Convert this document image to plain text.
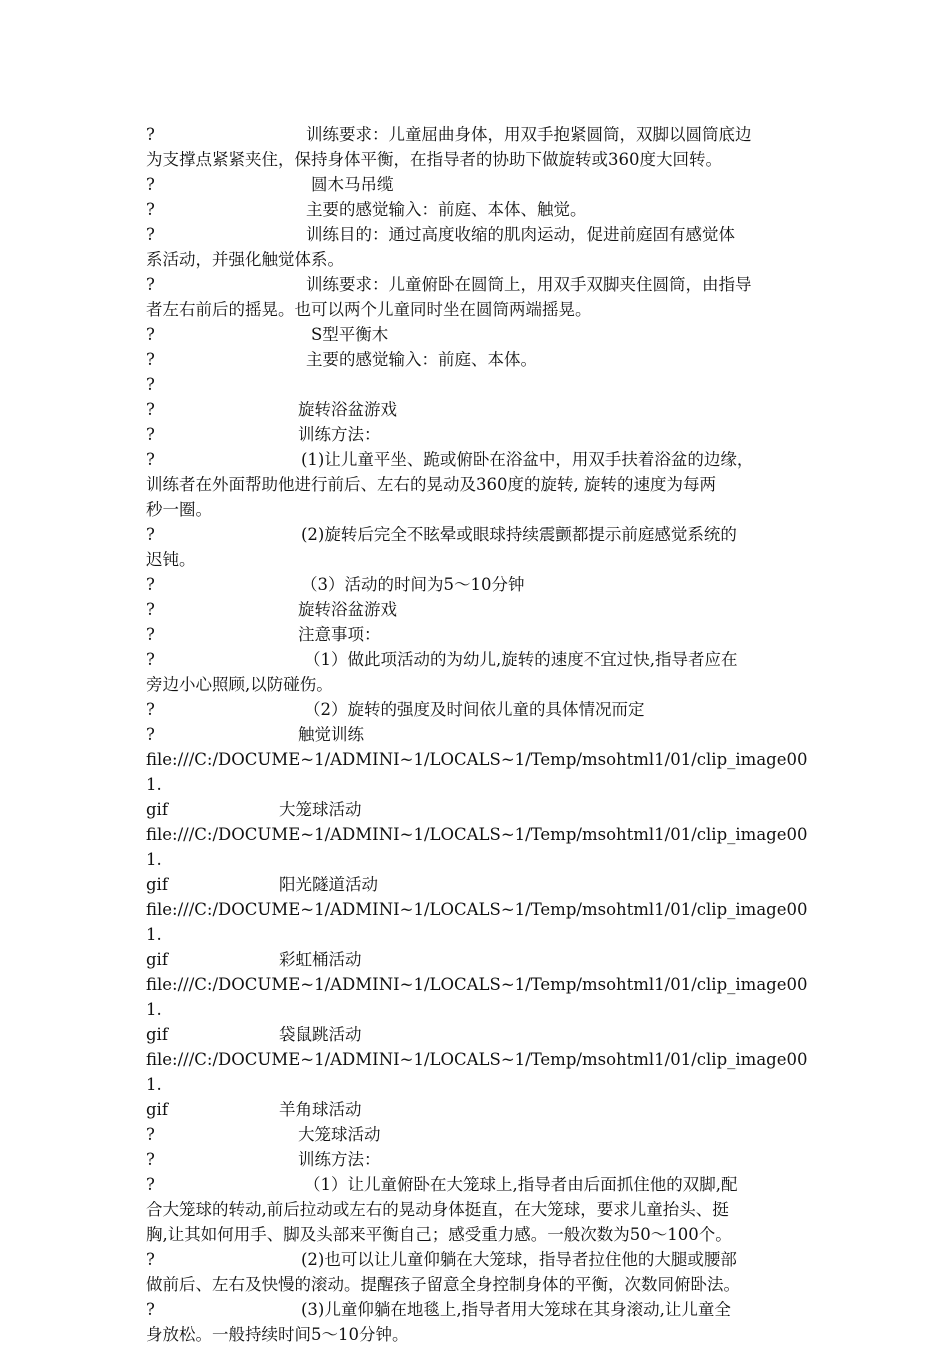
?	训练要求：儿童屈曲身体，用双手抱紧圆筒，双脚以圆筒底边
为支撑点紧紧夹住，保持身体平衡，在指导者的协助下做旋转或360度大回转。
?	圆木马吊缆
?	主要的感觉输入：前庭、本体、触觉。
?	训练目的：通过高度收缩的肌肉运动，促进前庭固有感觉体
系活动，并强化触觉体系。
?	训练要求：儿童俯卧在圆筒上，用双手双脚夹住圆筒，由指导
者左右前后的摇晃。也可以两个儿童同时坐在圆筒两端摇晃。
?	S型平衡木
?	主要的感觉输入：前庭、本体。
?

?	旋转浴盆游戏
?	训练方法：
?	(1)让儿童平坐、跪或俯卧在浴盆中，用双手扶着浴盆的边缘，
训练者在外面帮助他进行前后、左右的晃动及360度的旋转, 旋转的速度为每两
秒一圈。
?	(2)旋转后完全不眩晕或眼球持续震颤都提示前庭感觉系统的
迟钝。
?	（3）活动的时间为5～10分钟
?	旋转浴盆游戏
?	注意事项：
?	（1）做此项活动的为幼儿,旋转的速度不宜过快,指导者应在
旁边小心照顾,以防碰伤。
?	（2）旋转的强度及时间依儿童的具体情况而定
?	触觉训练
file:///C:/DOCUME~1/ADMINI~1/LOCALS~1/Temp/msohtml1/01/clip_image001.
gif	大笼球活动
file:///C:/DOCUME~1/ADMINI~1/LOCALS~1/Temp/msohtml1/01/clip_image001.
gif	阳光隧道活动
file:///C:/DOCUME~1/ADMINI~1/LOCALS~1/Temp/msohtml1/01/clip_image001.
gif	彩虹桶活动
file:///C:/DOCUME~1/ADMINI~1/LOCALS~1/Temp/msohtml1/01/clip_image001.
gif	袋鼠跳活动
file:///C:/DOCUME~1/ADMINI~1/LOCALS~1/Temp/msohtml1/01/clip_image001.
gif	羊角球活动
?	大笼球活动
?	训练方法：
?	（1）让儿童俯卧在大笼球上,指导者由后面抓住他的双脚,配
合大笼球的转动,前后拉动或左右的晃动身体挺直，在大笼球，要求儿童抬头、挺
胸,让其如何用手、脚及头部来平衡自己；感受重力感。一般次数为50～100个。
?	(2)也可以让儿童仰躺在大笼球，指导者拉住他的大腿或腰部
做前后、左右及快慢的滚动。提醒孩子留意全身控制身体的平衡，次数同俯卧法。
?	(3)儿童仰躺在地毯上,指导者用大笼球在其身滚动,让儿童全
身放松。一般持续时间5～10分钟。
